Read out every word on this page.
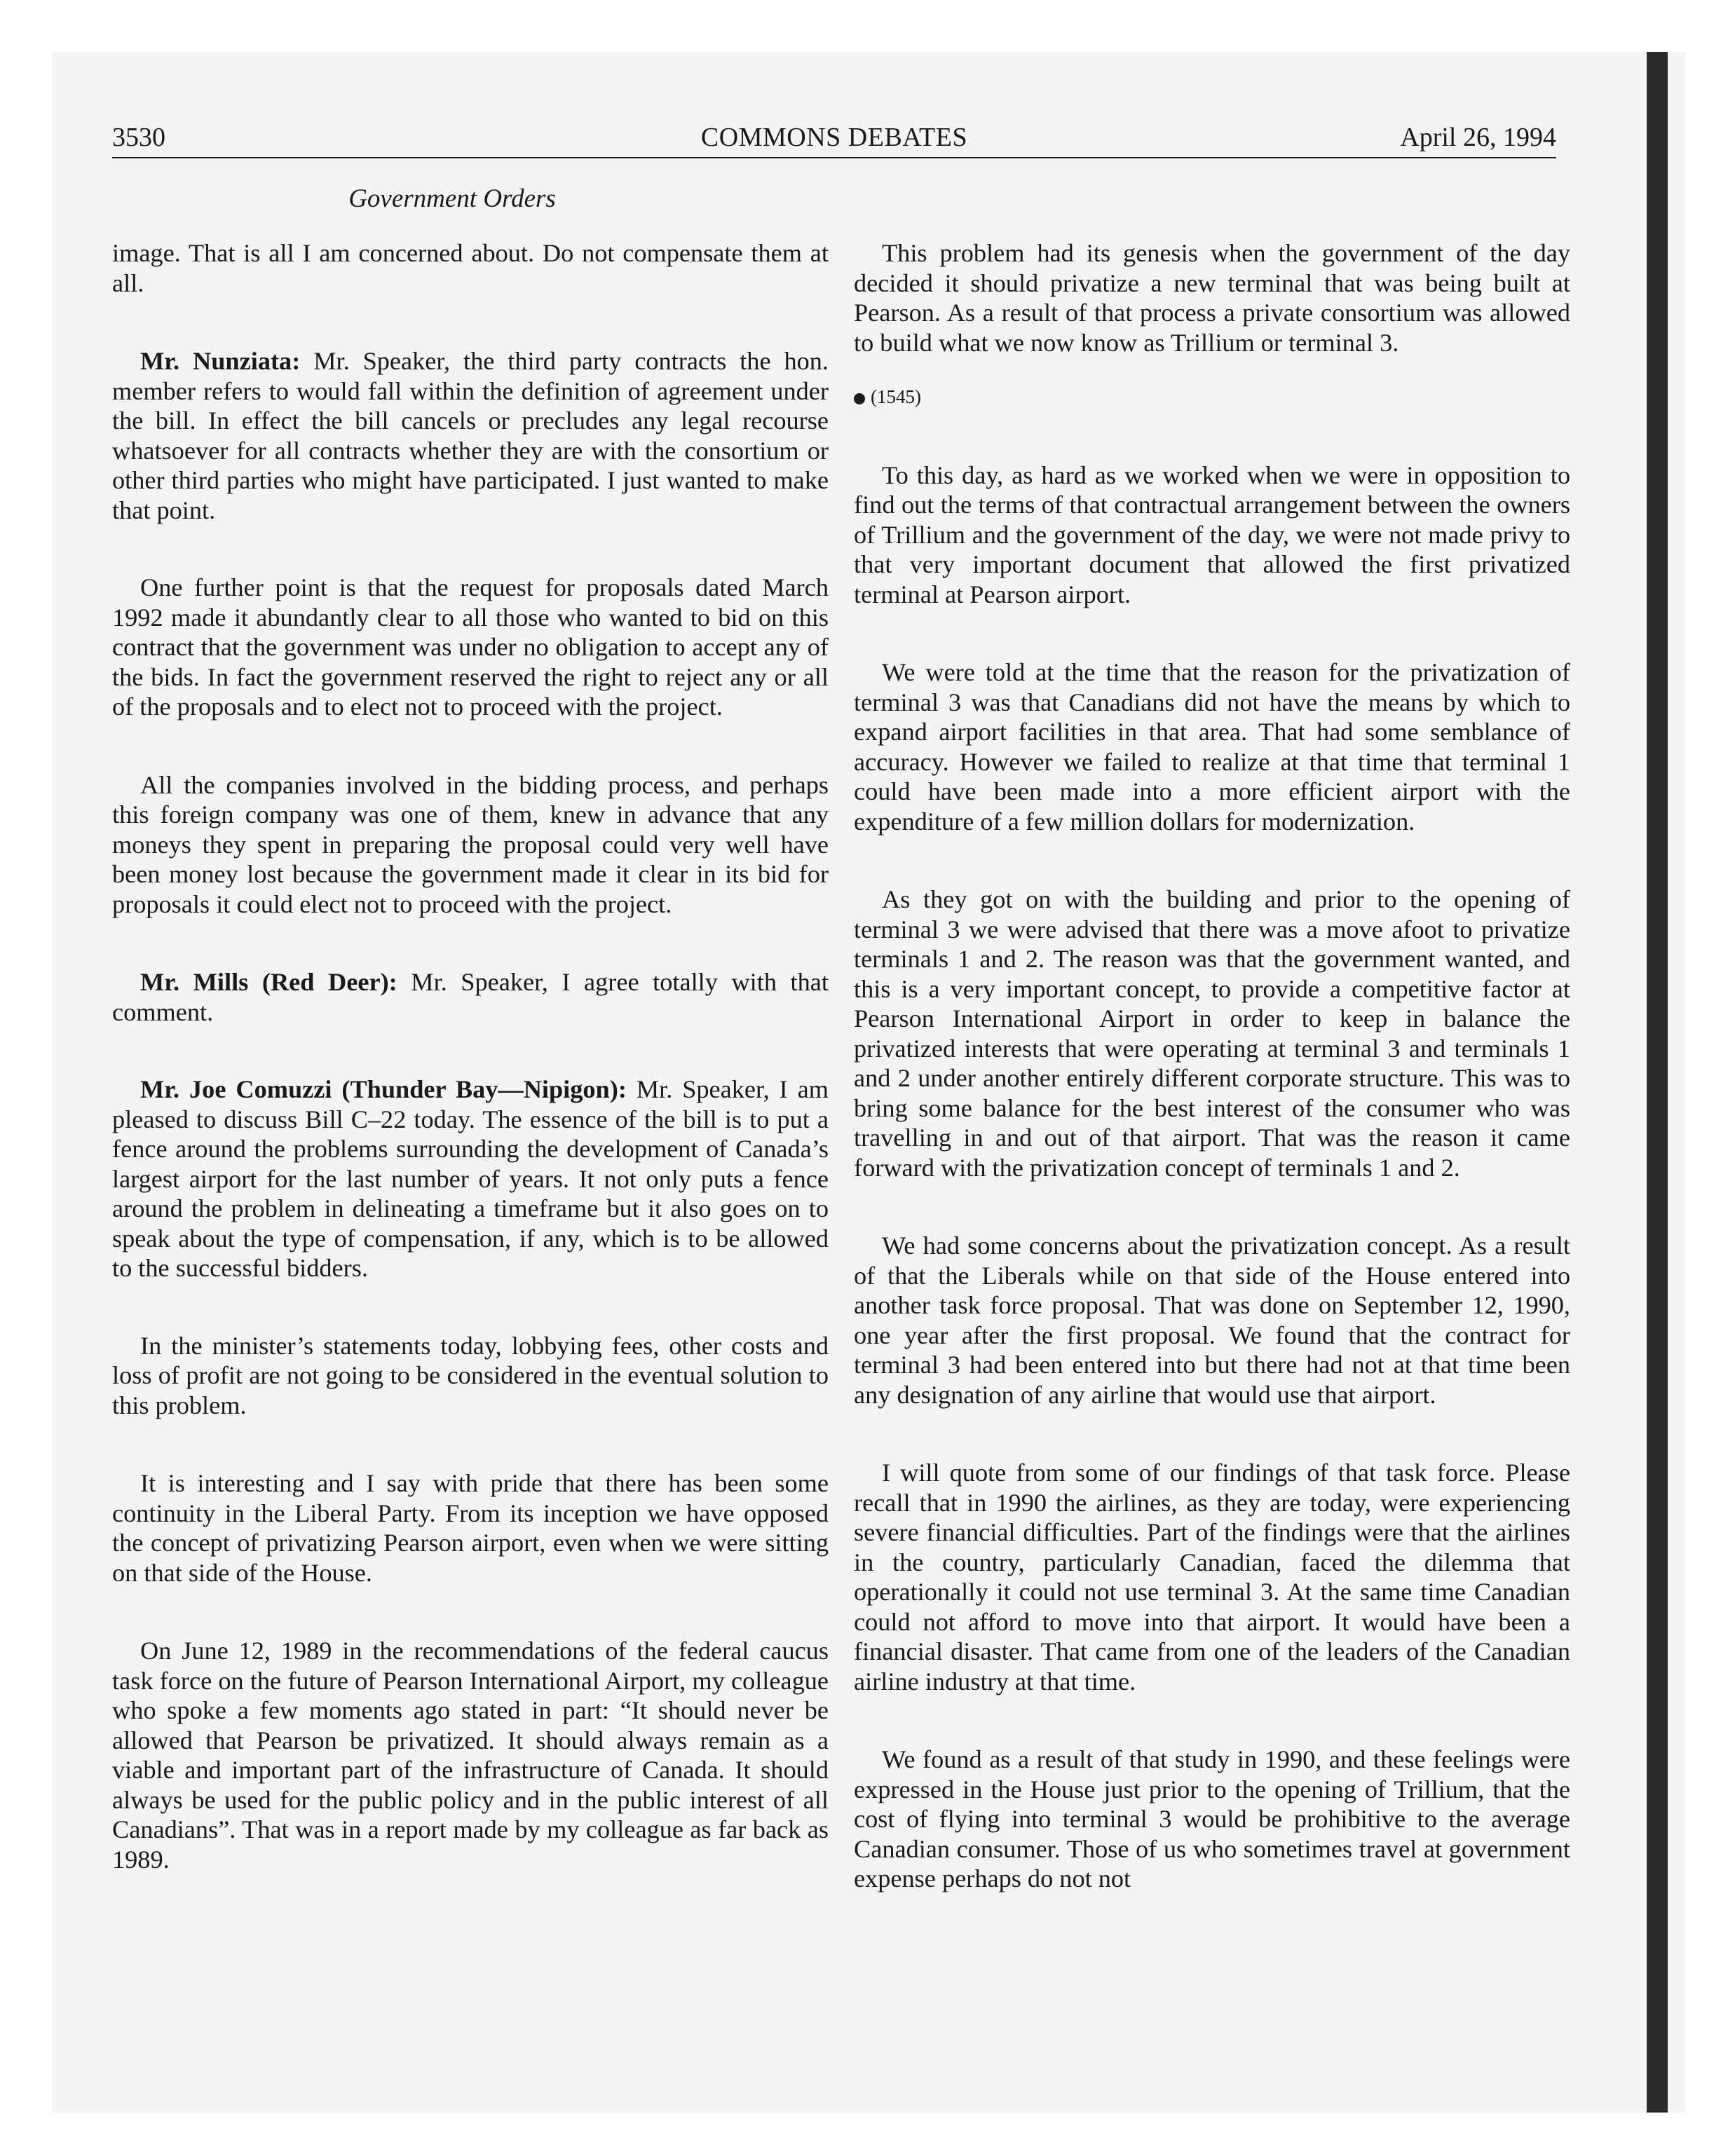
3530	COMMONS DEBATES	April 26, 1994
Government Orders

image. That is all I am concerned about. Do not compensate them at all.

Mr. Nunziata: Mr. Speaker, the third party contracts the hon. member refers to would fall within the definition of agreement under the bill. In effect the bill cancels or precludes any legal recourse whatsoever for all contracts whether they are with the consortium or other third parties who might have participated. I just wanted to make that point.

One further point is that the request for proposals dated March 1992 made it abundantly clear to all those who wanted to bid on this contract that the government was under no obligation to accept any of the bids. In fact the government reserved the right to reject any or all of the proposals and to elect not to proceed with the project.

All the companies involved in the bidding process, and perhaps this foreign company was one of them, knew in advance that any moneys they spent in preparing the proposal could very well have been money lost because the government made it clear in its bid for proposals it could elect not to proceed with the project.

Mr. Mills (Red Deer): Mr. Speaker, I agree totally with that comment.

Mr. Joe Comuzzi (Thunder Bay—Nipigon): Mr. Speaker, I am pleased to discuss Bill C–22 today. The essence of the bill is to put a fence around the problems surrounding the development of Canada’s largest airport for the last number of years. It not only puts a fence around the problem in delineating a timeframe but it also goes on to speak about the type of compensation, if any, which is to be allowed to the successful bidders.

In the minister’s statements today, lobbying fees, other costs and loss of profit are not going to be considered in the eventual solution to this problem.

It is interesting and I say with pride that there has been some continuity in the Liberal Party. From its inception we have opposed the concept of privatizing Pearson airport, even when we were sitting on that side of the House.

On June 12, 1989 in the recommendations of the federal caucus task force on the future of Pearson International Airport, my colleague who spoke a few moments ago stated in part: “It should never be allowed that Pearson be privatized. It should always remain as a viable and important part of the infrastructure of Canada. It should always be used for the public policy and in the public interest of all Canadians”. That was in a report made by my colleague as far back as 1989.

This problem had its genesis when the government of the day decided it should privatize a new terminal that was being built at Pearson. As a result of that process a private consortium was allowed to build what we now know as Trillium or terminal 3.

(1545)

To this day, as hard as we worked when we were in opposition to find out the terms of that contractual arrangement between the owners of Trillium and the government of the day, we were not made privy to that very important document that allowed the first privatized terminal at Pearson airport.

We were told at the time that the reason for the privatization of terminal 3 was that Canadians did not have the means by which to expand airport facilities in that area. That had some semblance of accuracy. However we failed to realize at that time that terminal 1 could have been made into a more efficient airport with the expenditure of a few million dollars for modernization.

As they got on with the building and prior to the opening of terminal 3 we were advised that there was a move afoot to privatize terminals 1 and 2. The reason was that the government wanted, and this is a very important concept, to provide a competitive factor at Pearson International Airport in order to keep in balance the privatized interests that were operating at terminal 3 and terminals 1 and 2 under another entirely different corporate structure. This was to bring some balance for the best interest of the consumer who was travelling in and out of that airport. That was the reason it came forward with the privatization concept of terminals 1 and 2.

We had some concerns about the privatization concept. As a result of that the Liberals while on that side of the House entered into another task force proposal. That was done on September 12, 1990, one year after the first proposal. We found that the contract for terminal 3 had been entered into but there had not at that time been any designation of any airline that would use that airport.

I will quote from some of our findings of that task force. Please recall that in 1990 the airlines, as they are today, were experiencing severe financial difficulties. Part of the findings were that the airlines in the country, particularly Canadian, faced the dilemma that operationally it could not use terminal 3. At the same time Canadian could not afford to move into that airport. It would have been a financial disaster. That came from one of the leaders of the Canadian airline industry at that time.

We found as a result of that study in 1990, and these feelings were expressed in the House just prior to the opening of Trillium, that the cost of flying into terminal 3 would be prohibitive to the average Canadian consumer. Those of us who sometimes travel at government expense perhaps do not not
